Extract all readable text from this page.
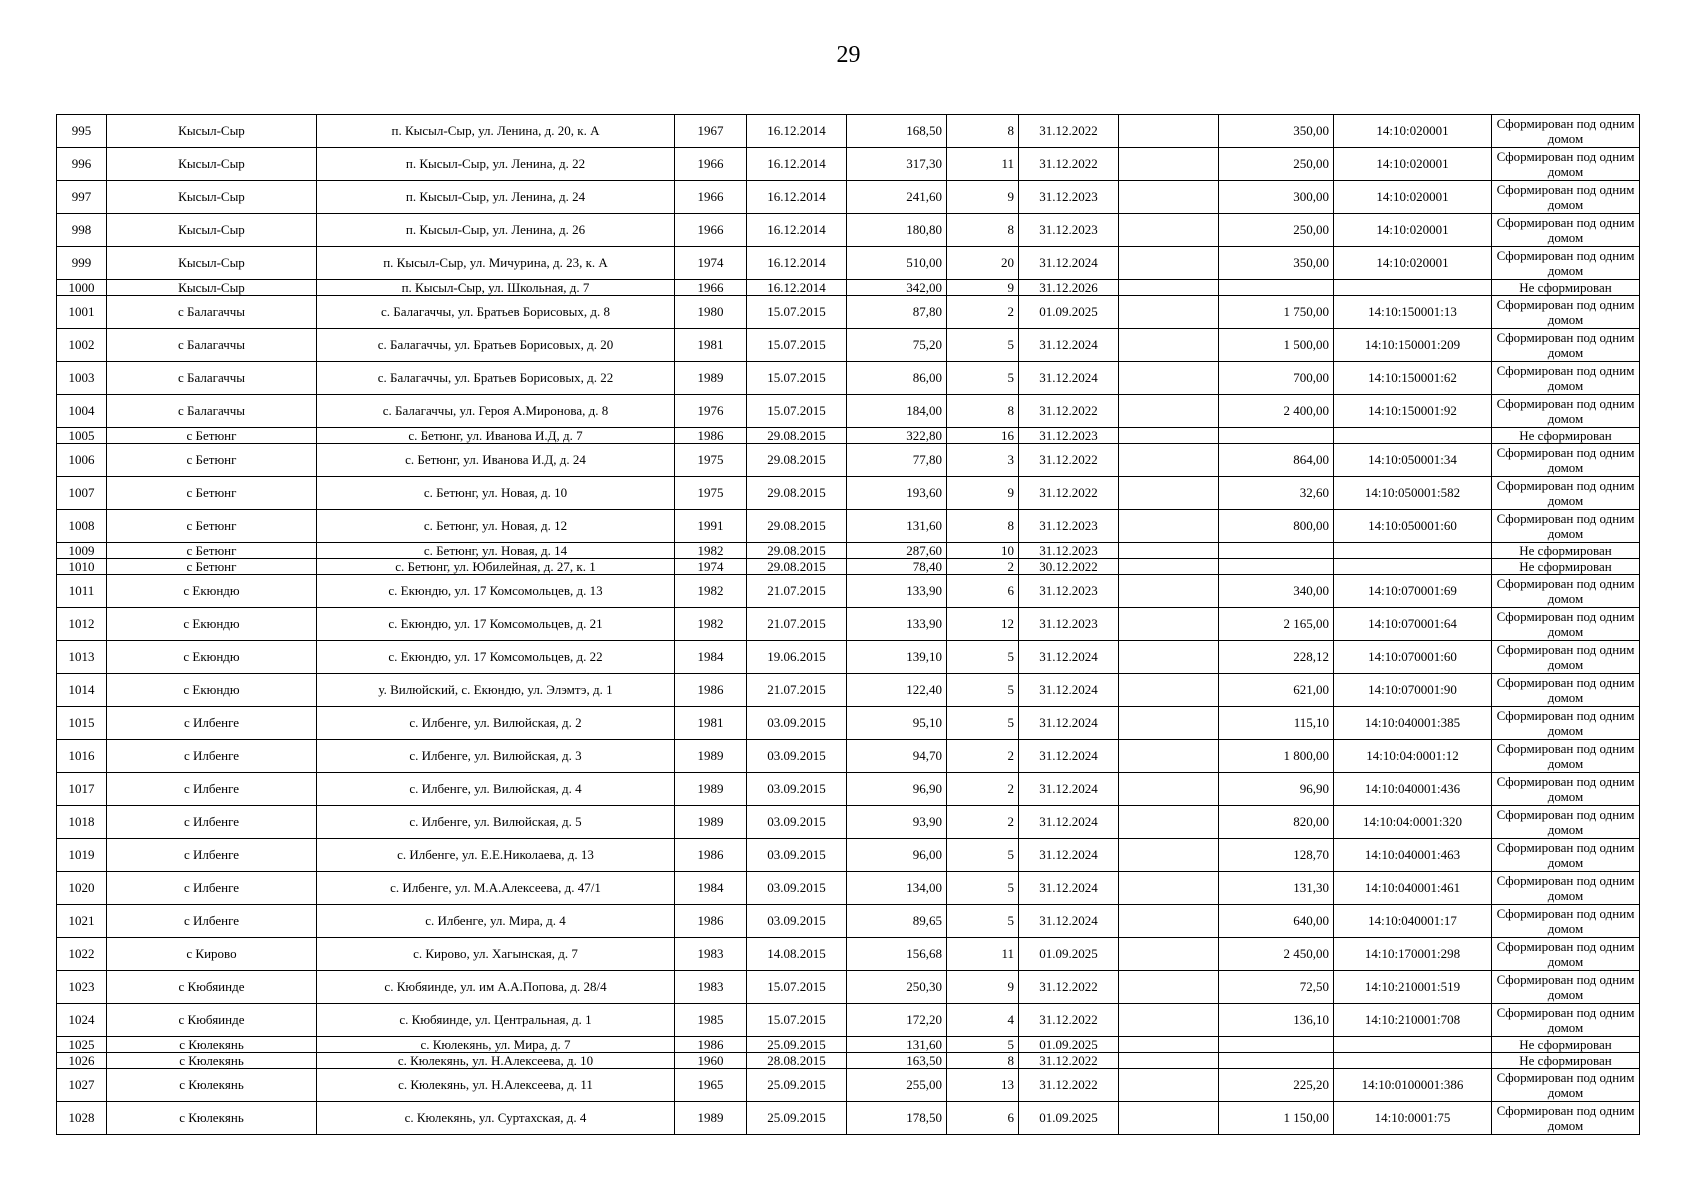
29
995	Кысыл-Сыр	п. Кысыл-Сыр, ул. Ленина, д. 20, к. А	1967	16.12.2014	168,50	8	31.12.2022		350,00	14:10:020001	Сформирован под одним домом
996	Кысыл-Сыр	п. Кысыл-Сыр, ул. Ленина, д. 22	1966	16.12.2014	317,30	11	31.12.2022		250,00	14:10:020001	Сформирован под одним домом
997	Кысыл-Сыр	п. Кысыл-Сыр, ул. Ленина, д. 24	1966	16.12.2014	241,60	9	31.12.2023		300,00	14:10:020001	Сформирован под одним домом
998	Кысыл-Сыр	п. Кысыл-Сыр, ул. Ленина, д. 26	1966	16.12.2014	180,80	8	31.12.2023		250,00	14:10:020001	Сформирован под одним домом
999	Кысыл-Сыр	п. Кысыл-Сыр, ул. Мичурина, д. 23, к. А	1974	16.12.2014	510,00	20	31.12.2024		350,00	14:10:020001	Сформирован под одним домом
1000	Кысыл-Сыр	п. Кысыл-Сыр, ул. Школьная, д. 7	1966	16.12.2014	342,00	9	31.12.2026				Не сформирован
1001	с Балагаччы	с. Балагаччы, ул. Братьев Борисовых, д. 8	1980	15.07.2015	87,80	2	01.09.2025		1 750,00	14:10:150001:13	Сформирован под одним домом
1002	с Балагаччы	с. Балагаччы, ул. Братьев Борисовых, д. 20	1981	15.07.2015	75,20	5	31.12.2024		1 500,00	14:10:150001:209	Сформирован под одним домом
1003	с Балагаччы	с. Балагаччы, ул. Братьев Борисовых, д. 22	1989	15.07.2015	86,00	5	31.12.2024		700,00	14:10:150001:62	Сформирован под одним домом
1004	с Балагаччы	с. Балагаччы, ул. Героя А.Миронова, д. 8	1976	15.07.2015	184,00	8	31.12.2022		2 400,00	14:10:150001:92	Сформирован под одним домом
1005	с Бетюнг	с. Бетюнг, ул. Иванова И.Д, д. 7	1986	29.08.2015	322,80	16	31.12.2023				Не сформирован
1006	с Бетюнг	с. Бетюнг, ул. Иванова И.Д, д. 24	1975	29.08.2015	77,80	3	31.12.2022		864,00	14:10:050001:34	Сформирован под одним домом
1007	с Бетюнг	с. Бетюнг, ул. Новая, д. 10	1975	29.08.2015	193,60	9	31.12.2022		32,60	14:10:050001:582	Сформирован под одним домом
1008	с Бетюнг	с. Бетюнг, ул. Новая, д. 12	1991	29.08.2015	131,60	8	31.12.2023		800,00	14:10:050001:60	Сформирован под одним домом
1009	с Бетюнг	с. Бетюнг, ул. Новая, д. 14	1982	29.08.2015	287,60	10	31.12.2023				Не сформирован
1010	с Бетюнг	с. Бетюнг, ул. Юбилейная, д. 27, к. 1	1974	29.08.2015	78,40	2	30.12.2022				Не сформирован
1011	с Екюндю	с. Екюндю, ул. 17 Комсомольцев, д. 13	1982	21.07.2015	133,90	6	31.12.2023		340,00	14:10:070001:69	Сформирован под одним домом
1012	с Екюндю	с. Екюндю, ул. 17 Комсомольцев, д. 21	1982	21.07.2015	133,90	12	31.12.2023		2 165,00	14:10:070001:64	Сформирован под одним домом
1013	с Екюндю	с. Екюндю, ул. 17 Комсомольцев, д. 22	1984	19.06.2015	139,10	5	31.12.2024		228,12	14:10:070001:60	Сформирован под одним домом
1014	с Екюндю	у. Вилюйский, с. Екюндю, ул. Элэмтэ, д. 1	1986	21.07.2015	122,40	5	31.12.2024		621,00	14:10:070001:90	Сформирован под одним домом
1015	с Илбенге	с. Илбенге, ул. Вилюйская, д. 2	1981	03.09.2015	95,10	5	31.12.2024		115,10	14:10:040001:385	Сформирован под одним домом
1016	с Илбенге	с. Илбенге, ул. Вилюйская, д. 3	1989	03.09.2015	94,70	2	31.12.2024		1 800,00	14:10:04:0001:12	Сформирован под одним домом
1017	с Илбенге	с. Илбенге, ул. Вилюйская, д. 4	1989	03.09.2015	96,90	2	31.12.2024		96,90	14:10:040001:436	Сформирован под одним домом
1018	с Илбенге	с. Илбенге, ул. Вилюйская, д. 5	1989	03.09.2015	93,90	2	31.12.2024		820,00	14:10:04:0001:320	Сформирован под одним домом
1019	с Илбенге	с. Илбенге, ул. Е.Е.Николаева, д. 13	1986	03.09.2015	96,00	5	31.12.2024		128,70	14:10:040001:463	Сформирован под одним домом
1020	с Илбенге	с. Илбенге, ул. М.А.Алексеева, д. 47/1	1984	03.09.2015	134,00	5	31.12.2024		131,30	14:10:040001:461	Сформирован под одним домом
1021	с Илбенге	с. Илбенге, ул. Мира, д. 4	1986	03.09.2015	89,65	5	31.12.2024		640,00	14:10:040001:17	Сформирован под одним домом
1022	с Кирово	с. Кирово, ул. Хагынская, д. 7	1983	14.08.2015	156,68	11	01.09.2025		2 450,00	14:10:170001:298	Сформирован под одним домом
1023	с Кюбяинде	с. Кюбяинде, ул. им А.А.Попова, д. 28/4	1983	15.07.2015	250,30	9	31.12.2022		72,50	14:10:210001:519	Сформирован под одним домом
1024	с Кюбяинде	с. Кюбяинде, ул. Центральная, д. 1	1985	15.07.2015	172,20	4	31.12.2022		136,10	14:10:210001:708	Сформирован под одним домом
1025	с Кюлекянь	с. Кюлекянь, ул. Мира, д. 7	1986	25.09.2015	131,60	5	01.09.2025				Не сформирован
1026	с Кюлекянь	с. Кюлекянь, ул. Н.Алексеева, д. 10	1960	28.08.2015	163,50	8	31.12.2022				Не сформирован
1027	с Кюлекянь	с. Кюлекянь, ул. Н.Алексеева, д. 11	1965	25.09.2015	255,00	13	31.12.2022		225,20	14:10:0100001:386	Сформирован под одним домом
1028	с Кюлекянь	с. Кюлекянь, ул. Суртахская, д. 4	1989	25.09.2015	178,50	6	01.09.2025		1 150,00	14:10:0001:75	Сформирован под одним домом
